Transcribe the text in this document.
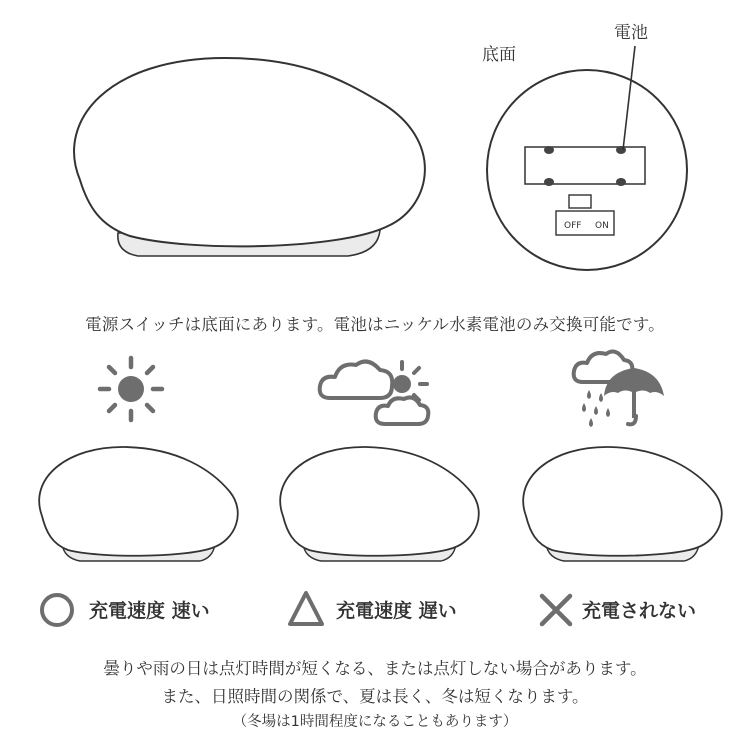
OFF ON
底面
電池
電源スイッチは底面にあります。電池はニッケル水素電池のみ交換可能です。
充電速度 速い	充電速度 遅い	充電されない
曇りや雨の日は点灯時間が短くなる、または点灯しない場合があります。
また、日照時間の関係で、夏は長く、冬は短くなります。
（冬場は1時間程度になることもあります）
